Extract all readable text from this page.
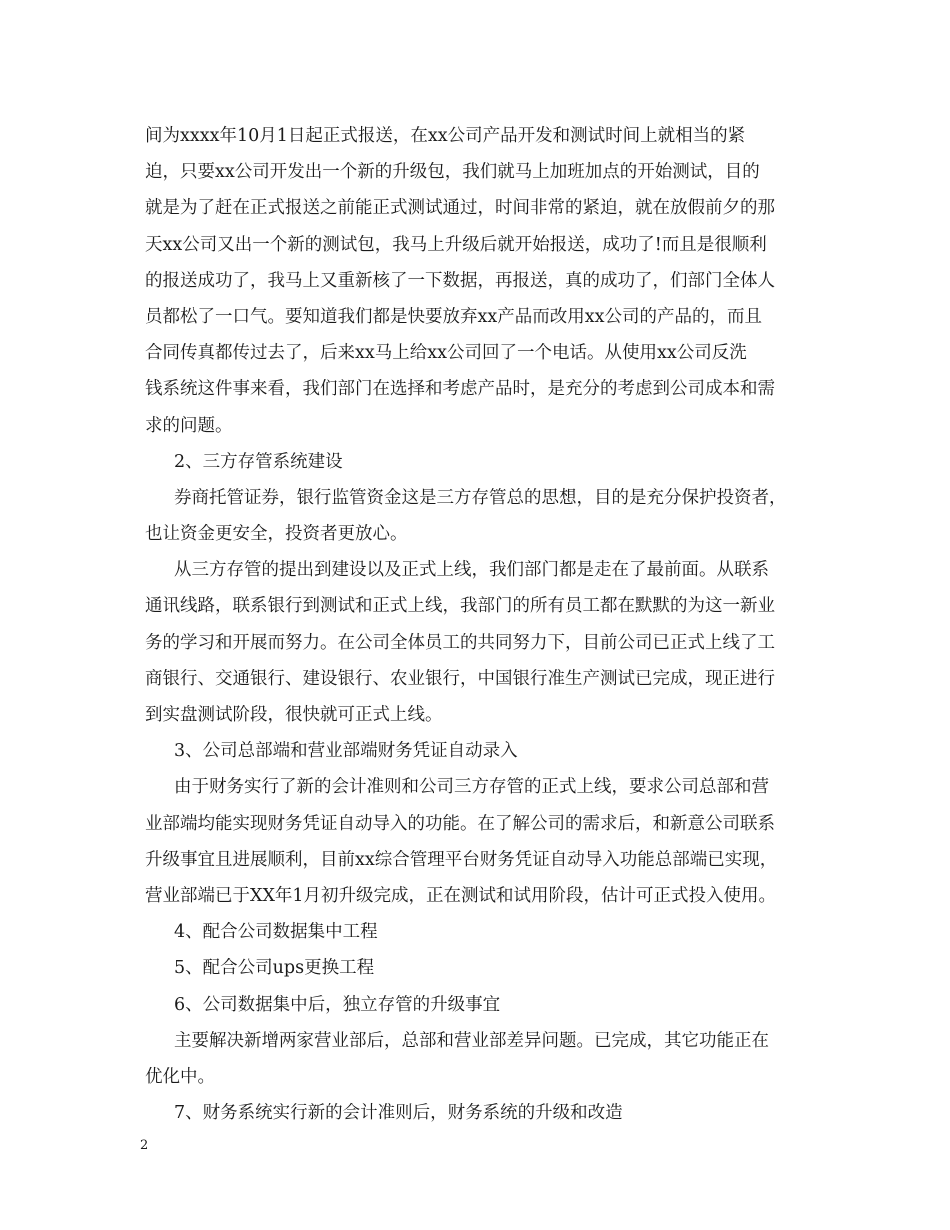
间为xxxx年10月1日起正式报送，在xx公司产品开发和测试时间上就相当的紧
迫，只要xx公司开发出一个新的升级包，我们就马上加班加点的开始测试，目的
就是为了赶在正式报送之前能正式测试通过，时间非常的紧迫，就在放假前夕的那
天xx公司又出一个新的测试包，我马上升级后就开始报送，成功了!而且是很顺利
的报送成功了，我马上又重新核了一下数据，再报送，真的成功了，们部门全体人
员都松了一口气。要知道我们都是快要放弃xx产品而改用xx公司的产品的，而且
合同传真都传过去了，后来xx马上给xx公司回了一个电话。从使用xx公司反洗
钱系统这件事来看，我们部门在选择和考虑产品时，是充分的考虑到公司成本和需
求的问题。
2、三方存管系统建设
券商托管证券，银行监管资金这是三方存管总的思想，目的是充分保护投资者，
也让资金更安全，投资者更放心。
从三方存管的提出到建设以及正式上线，我们部门都是走在了最前面。从联系
通讯线路，联系银行到测试和正式上线，我部门的所有员工都在默默的为这一新业
务的学习和开展而努力。在公司全体员工的共同努力下，目前公司已正式上线了工
商银行、交通银行、建设银行、农业银行，中国银行准生产测试已完成，现正进行
到实盘测试阶段，很快就可正式上线。
3、公司总部端和营业部端财务凭证自动录入
由于财务实行了新的会计准则和公司三方存管的正式上线，要求公司总部和营
业部端均能实现财务凭证自动导入的功能。在了解公司的需求后，和新意公司联系
升级事宜且进展顺利，目前xx综合管理平台财务凭证自动导入功能总部端已实现，
营业部端已于XX年1月初升级完成，正在测试和试用阶段，估计可正式投入使用。
4、配合公司数据集中工程
5、配合公司ups更换工程
6、公司数据集中后，独立存管的升级事宜
主要解决新增两家营业部后，总部和营业部差异问题。已完成，其它功能正在
优化中。
7、财务系统实行新的会计准则后，财务系统的升级和改造
2
